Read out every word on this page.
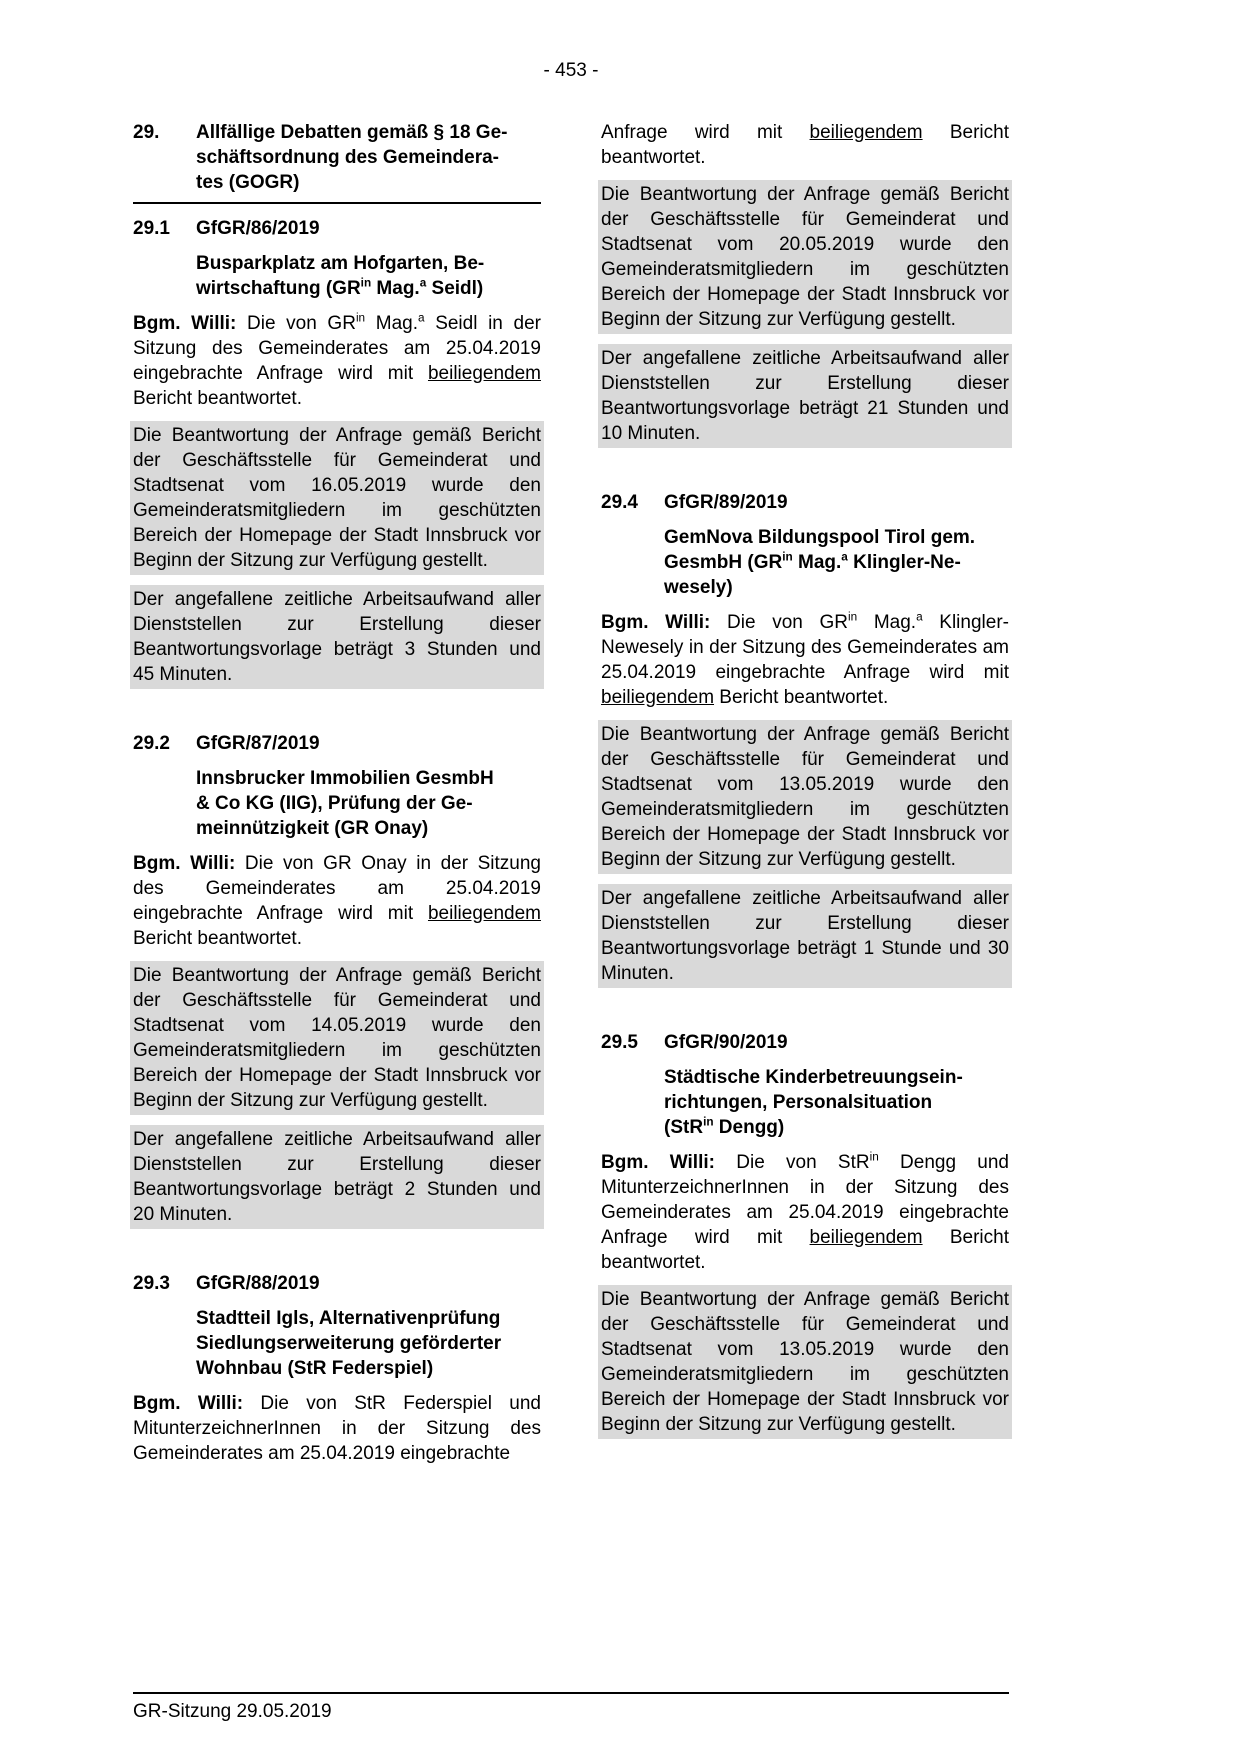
- 453 -
29. Allfällige Debatten gemäß § 18 Ge-
schäftsordnung des Gemeindera-
tes (GOGR)
29.1 GfGR/86/2019
Busparkplatz am Hofgarten, Be-
wirtschaftung ($GR^{in}$ Mag.$^a$ Seidl)
Bgm. Willi: Die von $GR^{in}$ Mag.$^a$ Seidl in der Sitzung des Gemeinderates am 25.04.2019 eingebrachte Anfrage wird mit beiliegendem Bericht beantwortet.
Die Beantwortung der Anfrage gemäß Bericht der Geschäftsstelle für Gemeinderat und Stadtsenat vom 16.05.2019 wurde den Gemeinderatsmitgliedern im geschützten Bereich der Homepage der Stadt Innsbruck vor Beginn der Sitzung zur Verfügung gestellt.
Der angefallene zeitliche Arbeitsaufwand aller Dienststellen zur Erstellung dieser Beantwortungsvorlage beträgt 3 Stunden und 45 Minuten.
29.2 GfGR/87/2019
Innsbrucker Immobilien GesmbH
& Co KG (IIG), Prüfung der Ge-
meinnützigkeit (GR Onay)
Bgm. Willi: Die von GR Onay in der Sitzung des Gemeinderates am 25.04.2019 eingebrachte Anfrage wird mit beiliegendem Bericht beantwortet.
Die Beantwortung der Anfrage gemäß Bericht der Geschäftsstelle für Gemeinderat und Stadtsenat vom 14.05.2019 wurde den Gemeinderatsmitgliedern im geschützten Bereich der Homepage der Stadt Innsbruck vor Beginn der Sitzung zur Verfügung gestellt.
Der angefallene zeitliche Arbeitsaufwand aller Dienststellen zur Erstellung dieser Beantwortungsvorlage beträgt 2 Stunden und 20 Minuten.
29.3 GfGR/88/2019
Stadtteil Igls, Alternativenprüfung
Siedlungserweiterung geförderter
Wohnbau (StR Federspiel)
Bgm. Willi: Die von StR Federspiel und MitunterzeichnerInnen in der Sitzung des Gemeinderates am 25.04.2019 eingebrachte
Anfrage wird mit beiliegendem Bericht beantwortet.
Die Beantwortung der Anfrage gemäß Bericht der Geschäftsstelle für Gemeinderat und Stadtsenat vom 20.05.2019 wurde den Gemeinderatsmitgliedern im geschützten Bereich der Homepage der Stadt Innsbruck vor Beginn der Sitzung zur Verfügung gestellt.
Der angefallene zeitliche Arbeitsaufwand aller Dienststellen zur Erstellung dieser Beantwortungsvorlage beträgt 21 Stunden und 10 Minuten.
29.4 GfGR/89/2019
GemNova Bildungspool Tirol gem.
GesmbH ($GR^{in}$ Mag.$^a$ Klingler-Ne-
wesely)
Bgm. Willi: Die von $GR^{in}$ Mag.$^a$ Klingler-Newesely in der Sitzung des Gemeinderates am 25.04.2019 eingebrachte Anfrage wird mit beiliegendem Bericht beantwortet.
Die Beantwortung der Anfrage gemäß Bericht der Geschäftsstelle für Gemeinderat und Stadtsenat vom 13.05.2019 wurde den Gemeinderatsmitgliedern im geschützten Bereich der Homepage der Stadt Innsbruck vor Beginn der Sitzung zur Verfügung gestellt.
Der angefallene zeitliche Arbeitsaufwand aller Dienststellen zur Erstellung dieser Beantwortungsvorlage beträgt 1 Stunde und 30 Minuten.
29.5 GfGR/90/2019
Städtische Kinderbetreuungsein-
richtungen, Personalsituation
(StR$^{in}$ Dengg)
Bgm. Willi: Die von StR$^{in}$ Dengg und MitunterzeichnerInnen in der Sitzung des Gemeinderates am 25.04.2019 eingebrachte Anfrage wird mit beiliegendem Bericht beantwortet.
Die Beantwortung der Anfrage gemäß Bericht der Geschäftsstelle für Gemeinderat und Stadtsenat vom 13.05.2019 wurde den Gemeinderatsmitgliedern im geschützten Bereich der Homepage der Stadt Innsbruck vor Beginn der Sitzung zur Verfügung gestellt.
GR-Sitzung 29.05.2019
